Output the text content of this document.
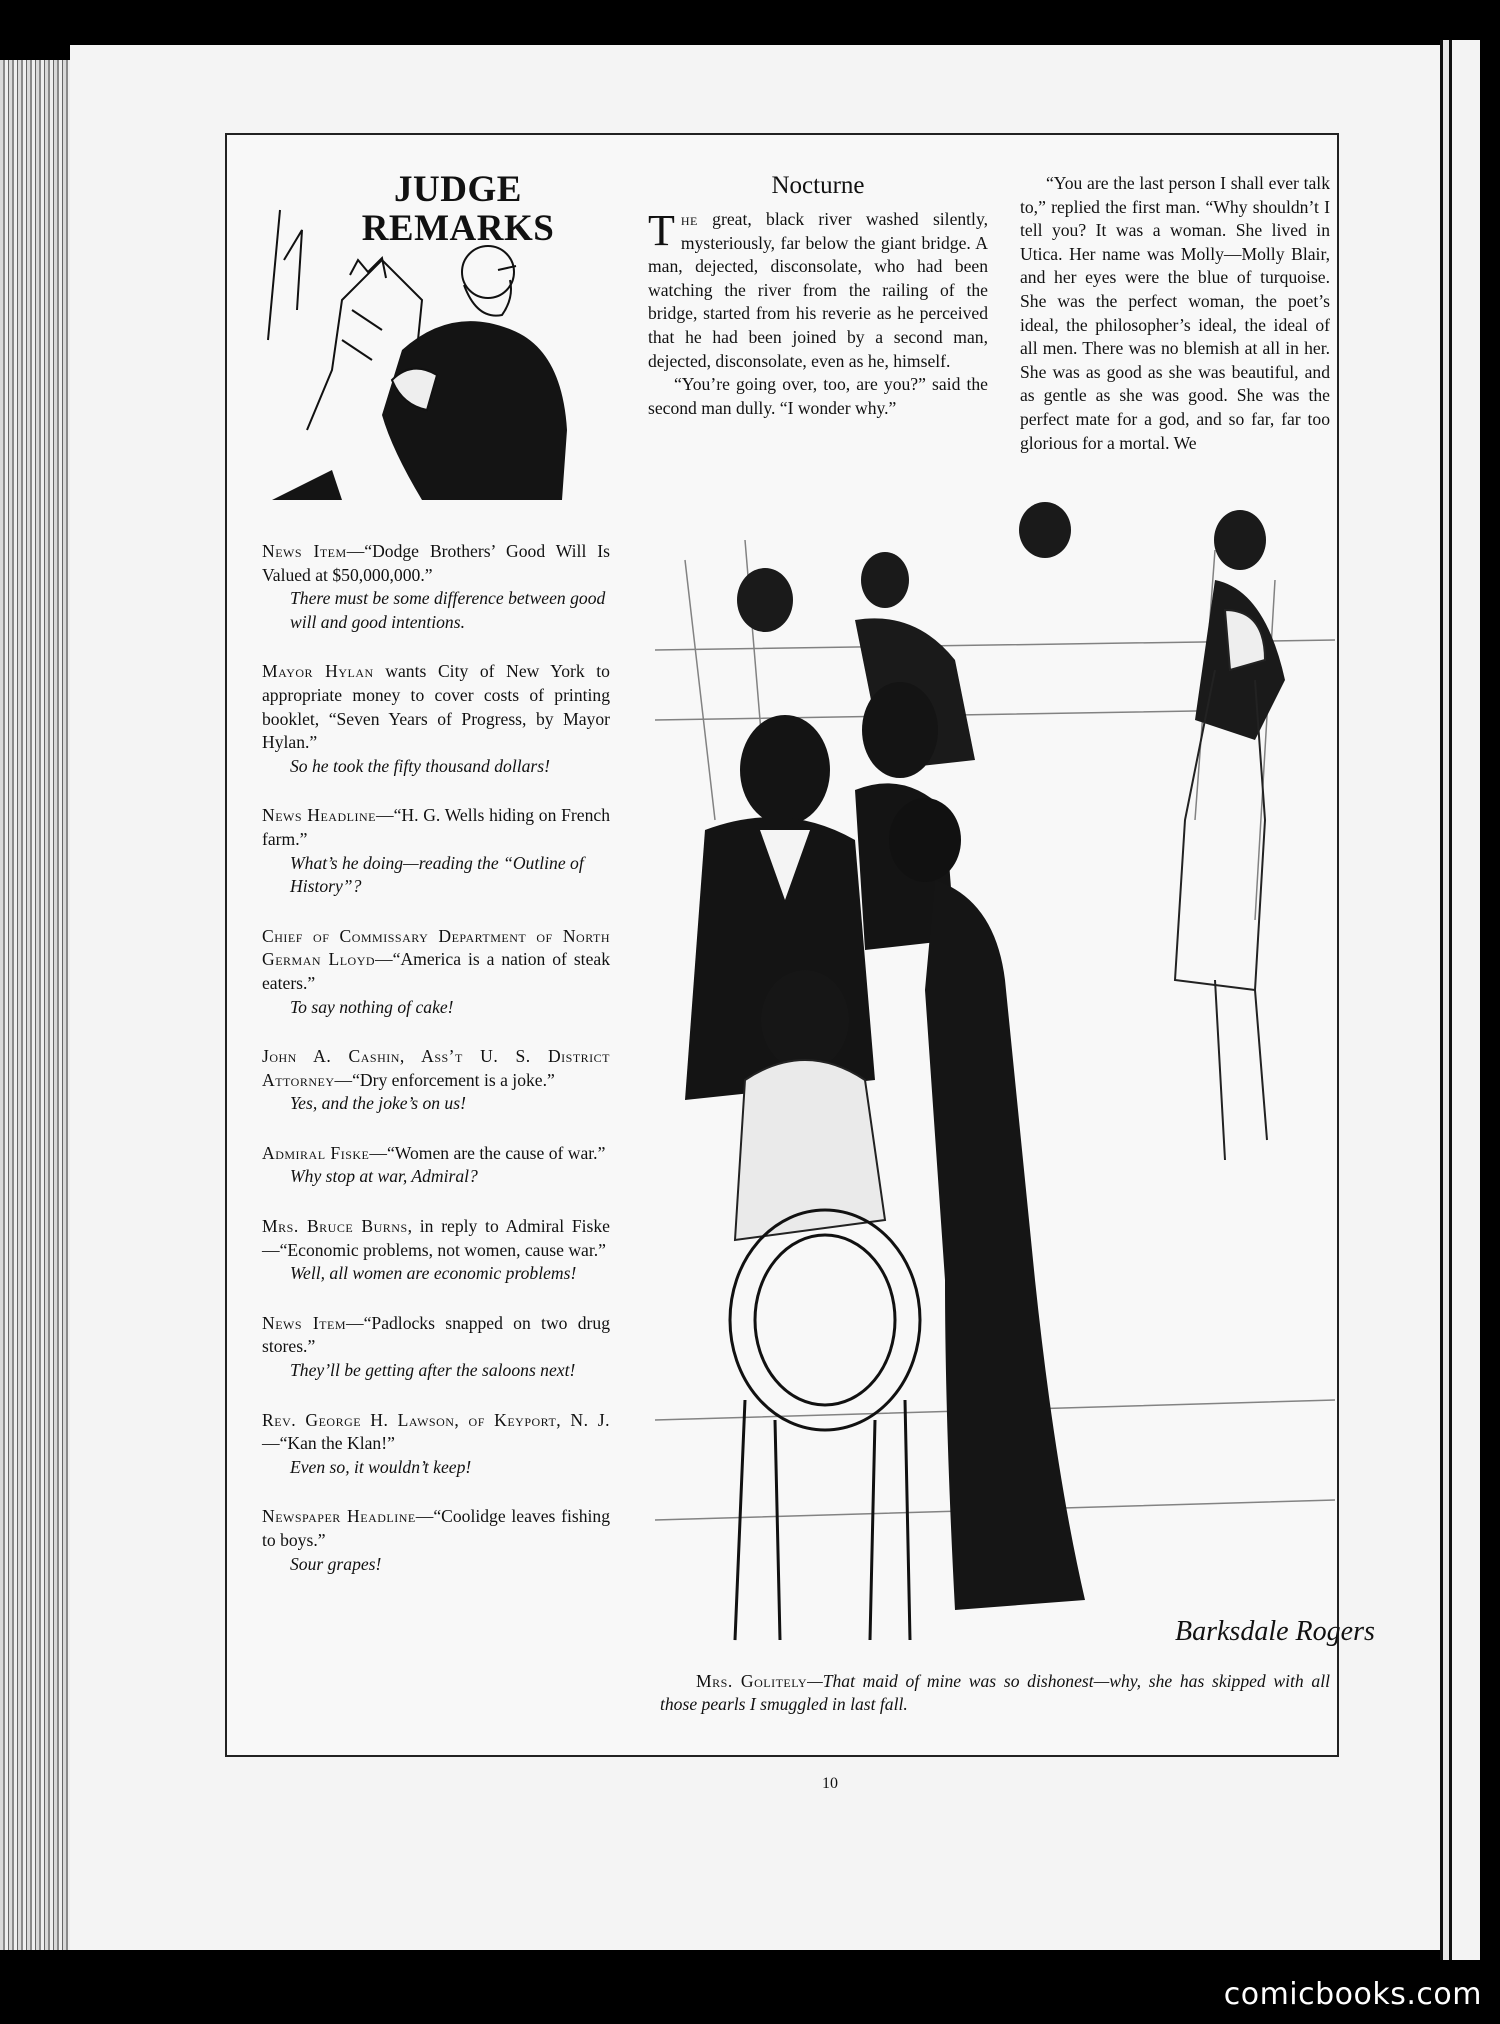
JUDGE
REMARKS
News Item—“Dodge Brothers’ Good Will Is Valued at $50,000,000.”
There must be some difference between good will and good intentions.
Mayor Hylan wants City of New York to appropriate money to cover costs of printing booklet, “Seven Years of Progress, by Mayor Hylan.”
So he took the fifty thousand dollars!
News Headline—“H. G. Wells hiding on French farm.”
What’s he doing—reading the “Outline of History”?
Chief of Commissary Department of North German Lloyd—“America is a nation of steak eaters.”
To say nothing of cake!
John A. Cashin, Ass’t U. S. District Attorney—“Dry enforcement is a joke.”
Yes, and the joke’s on us!
Admiral Fiske—“Women are the cause of war.”
Why stop at war, Admiral?
Mrs. Bruce Burns, in reply to Admiral Fiske—“Economic problems, not women, cause war.”
Well, all women are economic problems!
News Item—“Padlocks snapped on two drug stores.”
They’ll be getting after the saloons next!
Rev. George H. Lawson, of Keyport, N. J.—“Kan the Klan!”
Even so, it wouldn’t keep!
Newspaper Headline—“Coolidge leaves fishing to boys.”
Sour grapes!
Nocturne

The great, black river washed silently, mysteriously, far below the giant bridge. A man, dejected, disconsolate, who had been watching the river from the railing of the bridge, started from his reverie as he perceived that he had been joined by a second man, dejected, disconsolate, even as he, himself.

“You’re going over, too, are you?” said the second man dully. “I wonder why.”

“You are the last person I shall ever talk to,” replied the first man. “Why shouldn’t I tell you? It was a woman. She lived in Utica. Her name was Molly—Molly Blair, and her eyes were the blue of turquoise. She was the perfect woman, the poet’s ideal, the philosopher’s ideal, the ideal of all men. There was no blemish at all in her. She was as good as she was beautiful, and as gentle as she was good. She was the perfect mate for a god, and so far, far too glorious for a mortal. We

Barksdale Rogers
Mrs. Golitely—That maid of mine was so dishonest—why, she has skipped with all those pearls I smuggled in last fall.
10
comicbooks.com
